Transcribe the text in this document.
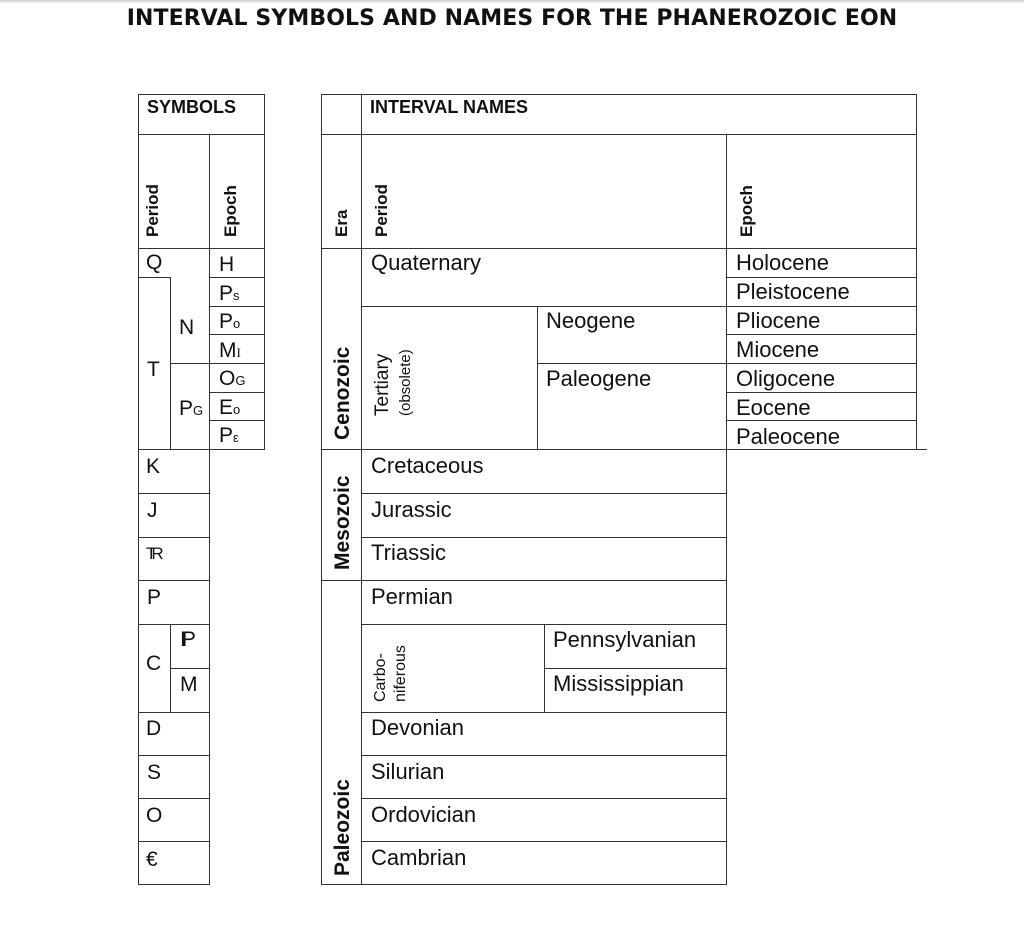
INTERVAL SYMBOLS AND NAMES FOR THE PHANEROZOIC EON
SYMBOLS
Period	Epoch
Q
T
N
PG
K
J
TR
P
C
IP
M
D
S
O
€
H
Ps
Po
MI
OG
Eo
Pε
INTERVAL NAMES
Era Period	Epoch
Cenozoic
Mesozoic
Paleozoic
Quaternary
Tertiary (obsolete)
Neogene
Paleogene
Cretaceous
Jurassic
Triassic
Permian
Carbo- niferous
Pennsylvanian
Mississippian
Devonian
Silurian
Ordovician
Cambrian
Holocene
Pleistocene
Pliocene
Miocene
Oligocene
Eocene
Paleocene
